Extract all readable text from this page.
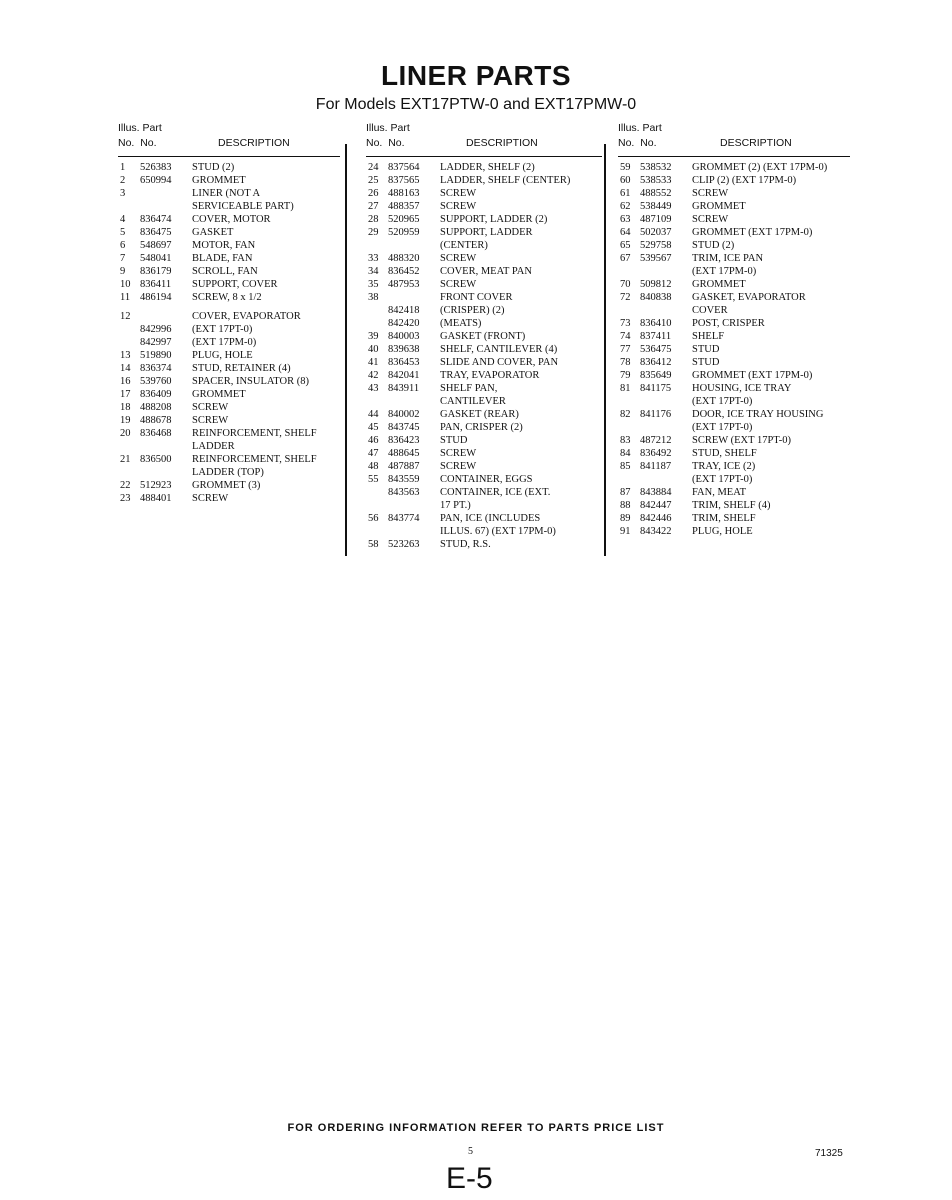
LINER PARTS
For Models EXT17PTW-0 and EXT17PMW-0
Illus. Part
No. No.	DESCRIPTION
1 526383 STUD (2)
2 650994 GROMMET
3	LINER (NOT A
SERVICEABLE PART)
4 836474 COVER, MOTOR
5 836475 GASKET
6 548697 MOTOR, FAN
7 548041 BLADE, FAN
9 836179 SCROLL, FAN
10 836411 SUPPORT, COVER
11 486194 SCREW, 8 x 1/2
12	COVER, EVAPORATOR
842996 (EXT 17PT-0)
842997 (EXT 17PM-0)
13 519890 PLUG, HOLE
14 836374 STUD, RETAINER (4)
16 539760 SPACER, INSULATOR (8)
17 836409 GROMMET
18 488208 SCREW
19 488678 SCREW
20 836468 REINFORCEMENT, SHELF
LADDER
21 836500 REINFORCEMENT, SHELF
LADDER (TOP)
22 512923 GROMMET (3)
23 488401 SCREW
Illus. Part
No. No.	DESCRIPTION
24 837564 LADDER, SHELF (2)
25 837565 LADDER, SHELF (CENTER)
26 488163 SCREW
27 488357 SCREW
28 520965 SUPPORT, LADDER (2)
29 520959 SUPPORT, LADDER
(CENTER)
33 488320 SCREW
34 836452 COVER, MEAT PAN
35 487953 SCREW
38	FRONT COVER
842418 (CRISPER) (2)
842420 (MEATS)
39 840003 GASKET (FRONT)
40 839638 SHELF, CANTILEVER (4)
41 836453 SLIDE AND COVER, PAN
42 842041 TRAY, EVAPORATOR
43 843911 SHELF PAN,
CANTILEVER
44 840002 GASKET (REAR)
45 843745 PAN, CRISPER (2)
46 836423 STUD
47 488645 SCREW
48 487887 SCREW
55 843559 CONTAINER, EGGS
843563 CONTAINER, ICE (EXT.
17 PT.)
56 843774 PAN, ICE (INCLUDES
ILLUS. 67) (EXT 17PM-0)
58 523263 STUD, R.S.
Illus. Part
No. No.	DESCRIPTION
59 538532 GROMMET (2) (EXT 17PM-0)
60 538533 CLIP (2) (EXT 17PM-0)
61 488552 SCREW
62 538449 GROMMET
63 487109 SCREW
64 502037 GROMMET (EXT 17PM-0)
65 529758 STUD (2)
67 539567 TRIM, ICE PAN
(EXT 17PM-0)
70 509812 GROMMET
72 840838 GASKET, EVAPORATOR
COVER
73 836410 POST, CRISPER
74 837411 SHELF
77 536475 STUD
78 836412 STUD
79 835649 GROMMET (EXT 17PM-0)
81 841175 HOUSING, ICE TRAY
(EXT 17PT-0)
82 841176 DOOR, ICE TRAY HOUSING
(EXT 17PT-0)
83 487212 SCREW (EXT 17PT-0)
84 836492 STUD, SHELF
85 841187 TRAY, ICE (2)
(EXT 17PT-0)
87 843884 FAN, MEAT
88 842447 TRIM, SHELF (4)
89 842446 TRIM, SHELF
91 843422 PLUG, HOLE
FOR ORDERING INFORMATION REFER TO PARTS PRICE LIST
5	71325
E-5
